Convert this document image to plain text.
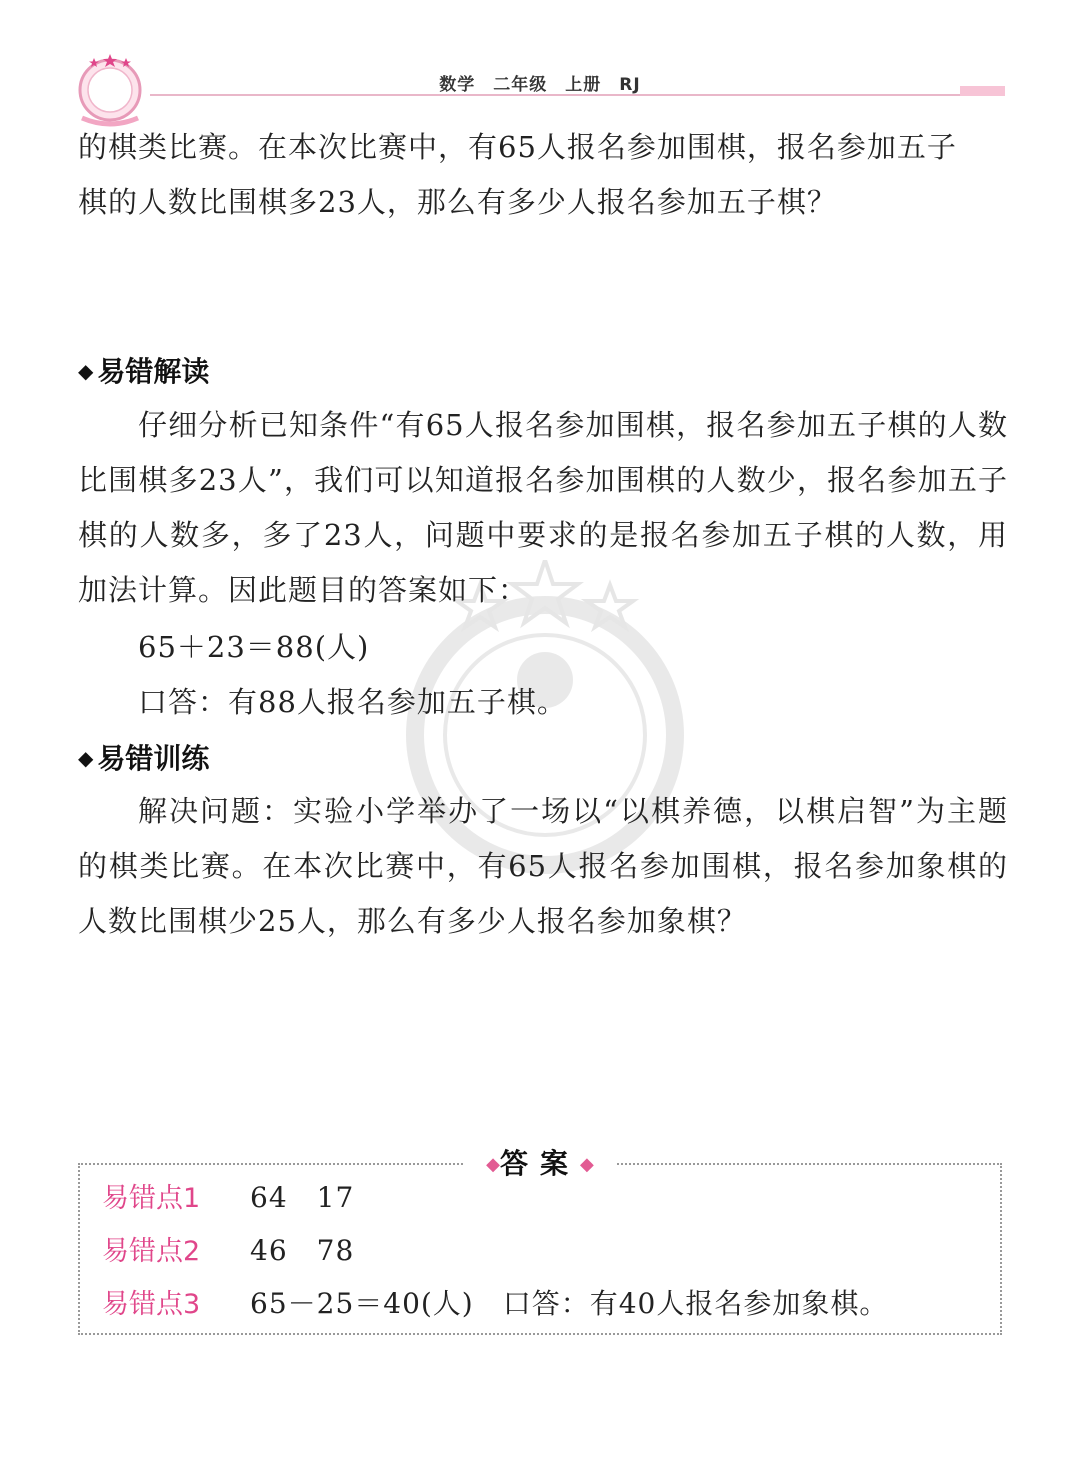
数学　二年级　上册　RJ
的棋类比赛。在本次比赛中，有65人报名参加围棋，报名参加五子
棋的人数比围棋多23人，那么有多少人报名参加五子棋？
◆ 易错解读
仔细分析已知条件“有65人报名参加围棋，报名参加五子棋的人数比围棋多23人”，我们可以知道报名参加围棋的人数少，报名参加五子棋的人数多，多了23人，问题中要求的是报名参加五子棋的人数，用加法计算。因此题目的答案如下：
65＋23＝88(人)
口答：有88人报名参加五子棋。
◆ 易错训练
解决问题：实验小学举办了一场以“以棋养德，以棋启智”为主题的棋类比赛。在本次比赛中，有65人报名参加围棋，报名参加象棋的人数比围棋少25人，那么有多少人报名参加象棋？
◆答案◆
易错点1 64　17
易错点2 46　78
易错点3 65－25＝40(人)　口答：有40人报名参加象棋。
